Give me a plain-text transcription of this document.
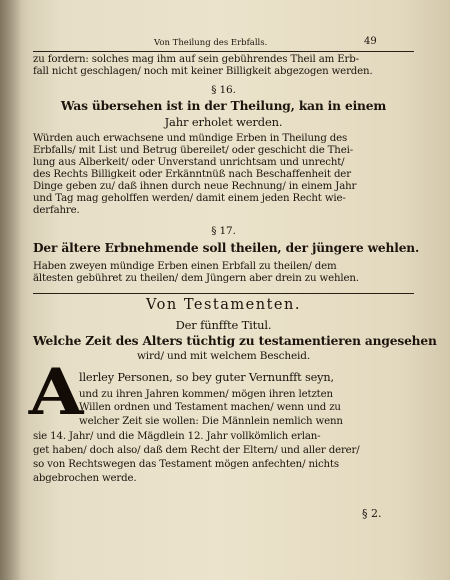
Von Theilung des Erbfalls.	49
zu fordern: solches mag ihm auf sein gebührendes Theil am Erb-
fall nicht geschlagen/ noch mit keiner Billigkeit abgezogen werden.
§ 16.
Was übersehen ist in der Theilung, kan in einem
Jahr erholet werden.
Würden auch erwachsene und mündige Erben in Theilung des
Erbfalls/ mit List und Betrug übereilet/ oder geschicht die Thei-
lung aus Alberkeit/ oder Unverstand unrichtsam und unrecht/
des Rechts Billigkeit oder Erkänntnüß nach Beschaffenheit der
Dinge geben zu/ daß ihnen durch neue Rechnung/ in einem Jahr
und Tag mag geholffen werden/ damit einem jeden Recht wie-
derfahre.
§ 17.
Der ältere Erbnehmende soll theilen, der jüngere wehlen.
Haben zweyen mündige Erben einen Erbfall zu theilen/ dem
ältesten gebühret zu theilen/ dem Jüngern aber drein zu wehlen.
Von Testamenten.
Der fünffte Titul.
Welche Zeit des Alters tüchtig zu testamentieren angesehen
wird/ und mit welchem Bescheid.
A
llerley Personen, so bey guter Vernunfft seyn,
und zu ihren Jahren kommen/ mögen ihren letzten
Willen ordnen und Testament machen/ wenn und zu
welcher Zeit sie wollen: Die Männlein nemlich wenn
sie 14. Jahr/ und die Mägdlein 12. Jahr vollkömlich erlan-
get haben/ doch also/ daß dem Recht der Eltern/ und aller derer/
so von Rechtswegen das Testament mögen anfechten/ nichts
abgebrochen werde.
§ 2.
